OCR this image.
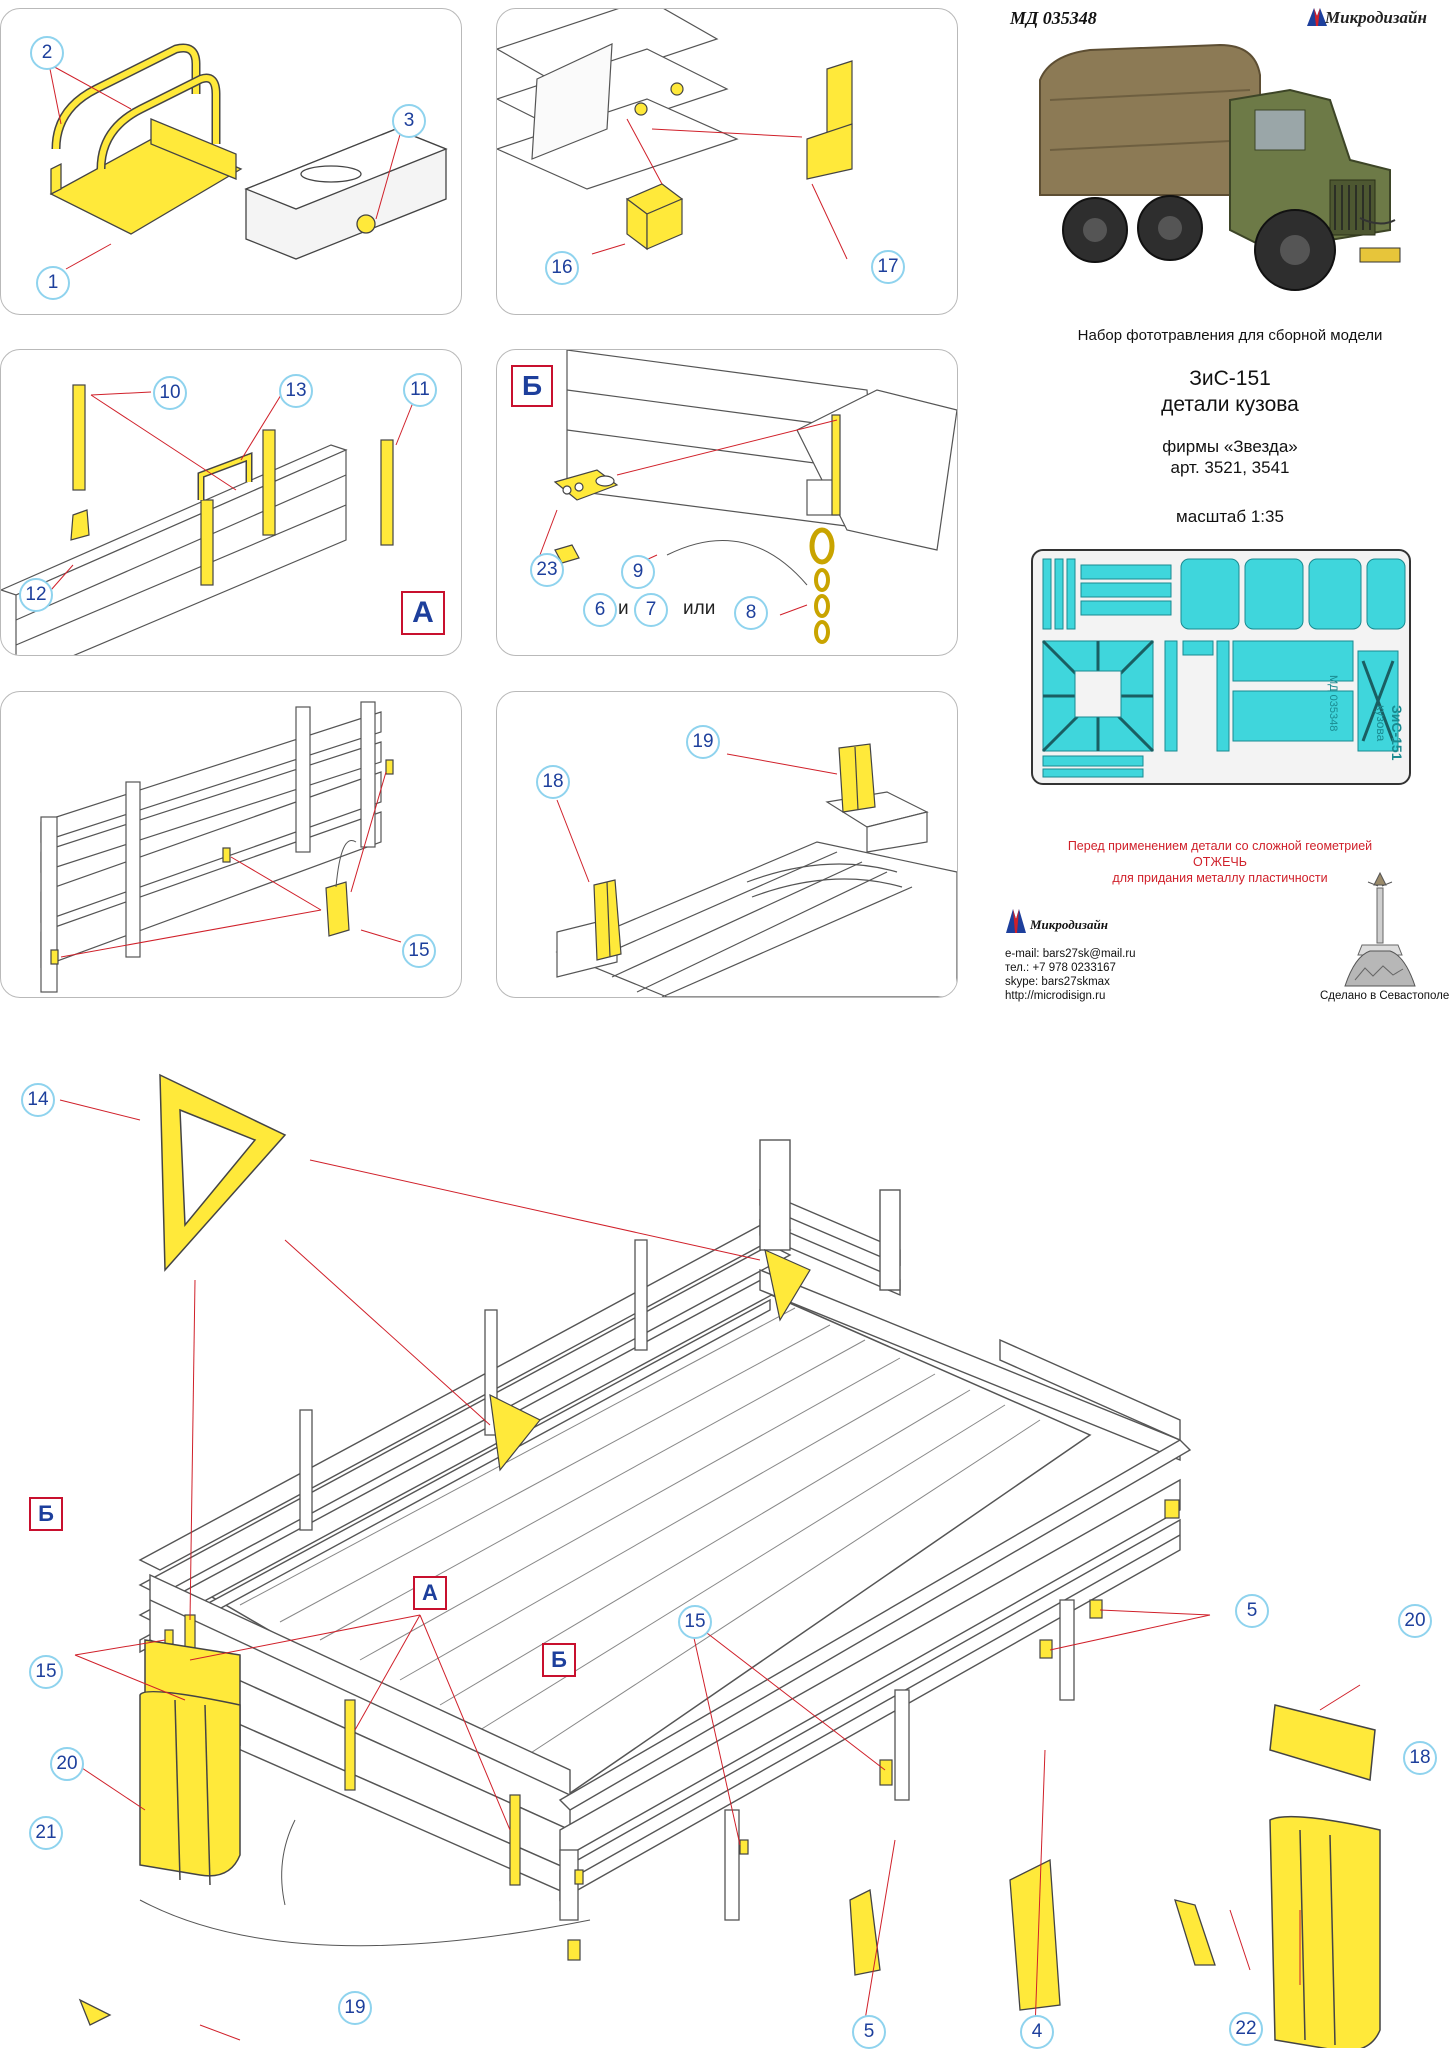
2
3
1
16	17
10	13	11
12
А
Б
23	9
6 и 7	или	8
15
19
18
МД 035348	Микродизайн
Набор фототравления для сборной модели
ЗиС-151
детали кузова
фирмы «Звезда»
арт. 3521, 3541
масштаб 1:35
МД 035348
ЗиС-151
кузова
Перед применением детали со сложной геометрией
ОТЖЕЧЬ
для придания металлу пластичности
Микродизайн
e-mail: bars27sk@mail.ru
тел.: +7 978 0233167
skype: bars27skmax
http://microdisign.ru	Сделано в Севастополе
14
Б
А
Б
15
15
5	20
18
20
21
19
5	4	22
